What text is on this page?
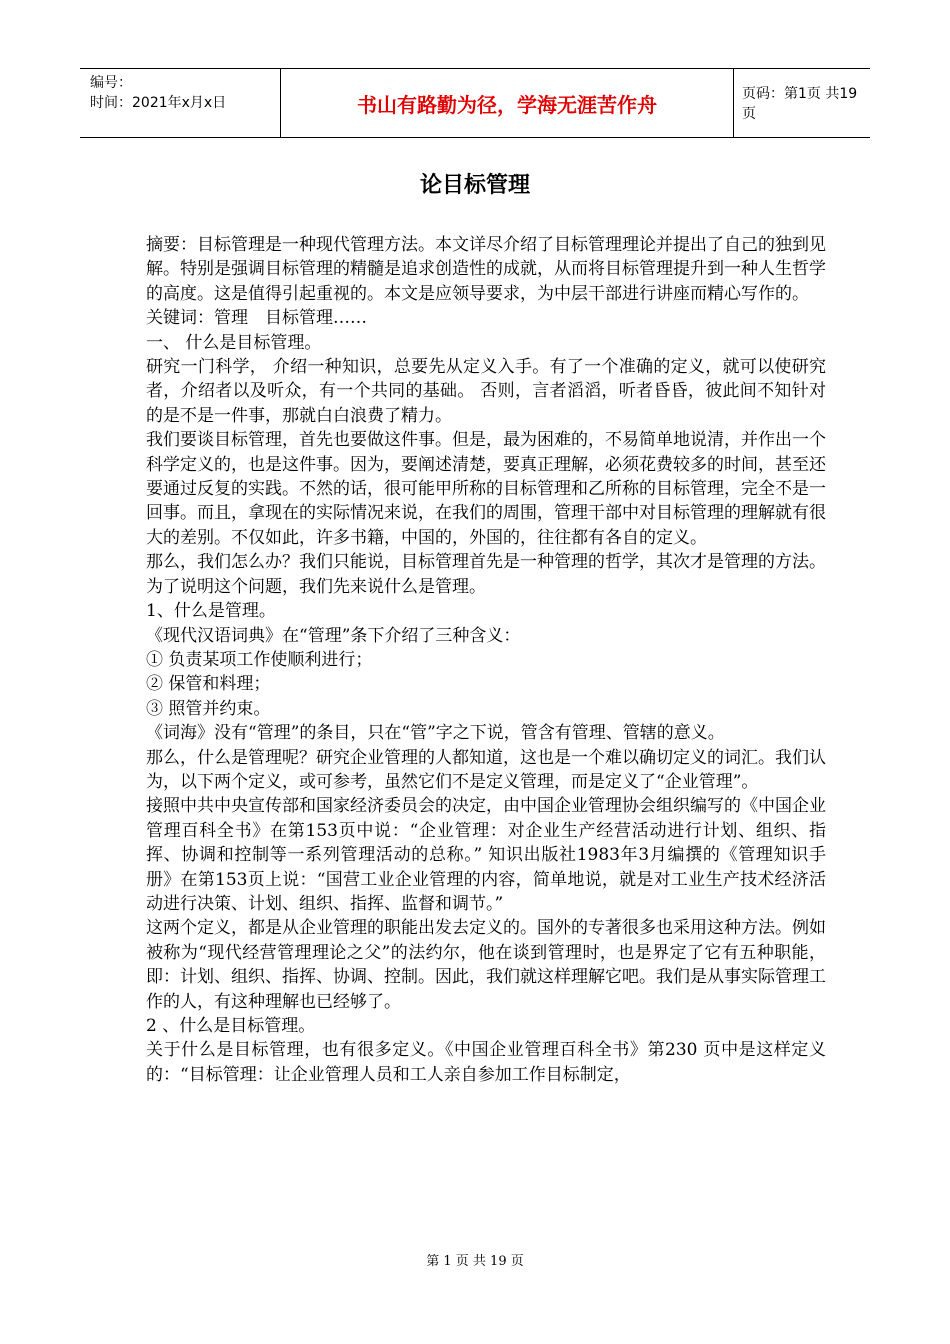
编号：
时间：2021年x月x日	书山有路勤为径，学海无涯苦作舟	页码：第1页 共19页
论目标管理

摘要：目标管理是一种现代管理方法。本文详尽介绍了目标管理理论并提出了自己的独到见解。特别是强调目标管理的精髓是追求创造性的成就，从而将目标管理提升到一种人生哲学的高度。这是值得引起重视的。本文是应领导要求，为中层干部进行讲座而精心写作的。

关键词：管理　目标管理……

一、 什么是目标管理。

研究一门科学， 介绍一种知识，总要先从定义入手。有了一个准确的定义，就可以使研究者，介绍者以及听众，有一个共同的基础。 否则，言者滔滔，听者昏昏，彼此间不知针对的是不是一件事，那就白白浪费了精力。

我们要谈目标管理，首先也要做这件事。但是，最为困难的，不易简单地说清，并作出一个科学定义的，也是这件事。因为，要阐述清楚，要真正理解，必须花费较多的时间，甚至还要通过反复的实践。不然的话，很可能甲所称的目标管理和乙所称的目标管理，完全不是一回事。而且，拿现在的实际情况来说，在我们的周围，管理干部中对目标管理的理解就有很大的差别。不仅如此，许多书籍，中国的，外国的，往往都有各自的定义。

那么，我们怎么办？我们只能说，目标管理首先是一种管理的哲学，其次才是管理的方法。为了说明这个问题，我们先来说什么是管理。

1、什么是管理。

《现代汉语词典》在“管理”条下介绍了三种含义：

① 负责某项工作使顺利进行；

② 保管和料理；

③ 照管并约束。

《词海》没有“管理”的条目，只在“管”字之下说，管含有管理、管辖的意义。

那么，什么是管理呢？研究企业管理的人都知道，这也是一个难以确切定义的词汇。我们认为，以下两个定义，或可参考，虽然它们不是定义管理，而是定义了“企业管理”。

接照中共中央宣传部和国家经济委员会的决定，由中国企业管理协会组织编写的《中国企业管理百科全书》在第153页中说：“企业管理：对企业生产经营活动进行计划、组织、指挥、协调和控制等一系列管理活动的总称。” 知识出版社1983年3月编撰的《管理知识手册》在第153页上说：“国营工业企业管理的内容，简单地说，就是对工业生产技术经济活动进行决策、计划、组织、指挥、监督和调节。”

这两个定义，都是从企业管理的职能出发去定义的。国外的专著很多也采用这种方法。例如被称为“现代经营管理理论之父”的法约尔，他在谈到管理时，也是界定了它有五种职能，即：计划、组织、指挥、协调、控制。因此，我们就这样理解它吧。我们是从事实际管理工作的人，有这种理解也已经够了。

2 、什么是目标管理。

关于什么是目标管理，也有很多定义。《中国企业管理百科全书》第230 页中是这样定义的：“目标管理：让企业管理人员和工人亲自参加工作目标制定，

第 1 页 共 19 页
